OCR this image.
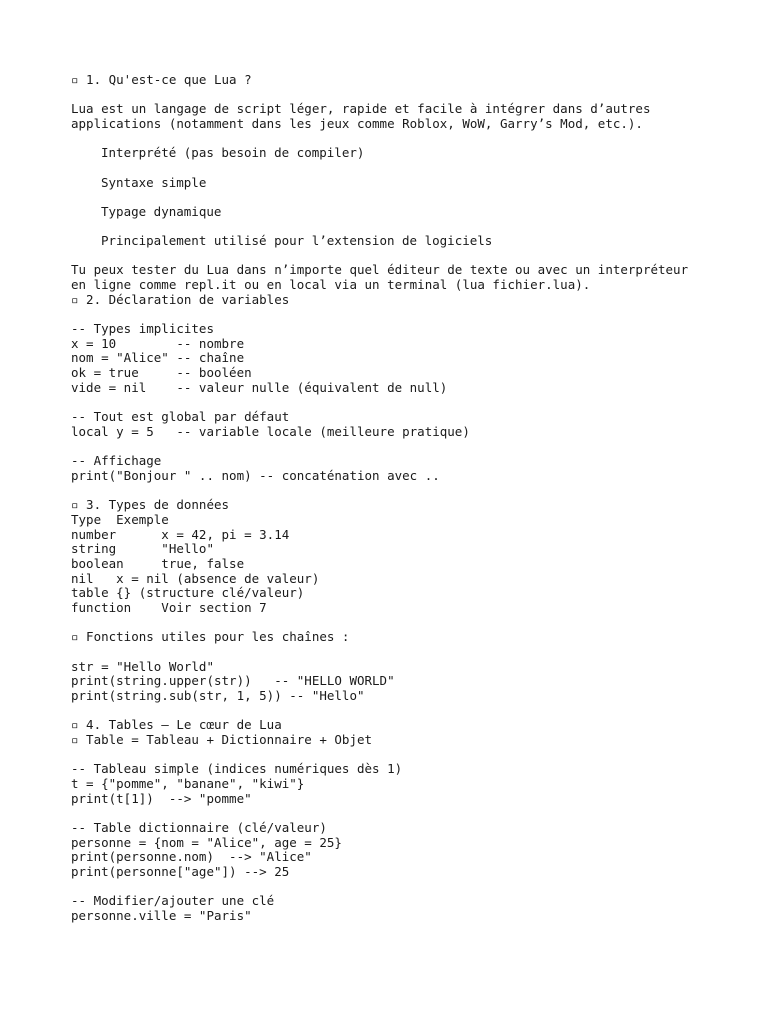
▫ 1. Qu'est-ce que Lua ?
Lua est un langage de script léger, rapide et facile à intégrer dans d’autres
applications (notamment dans les jeux comme Roblox, WoW, Garry’s Mod, etc.).
Interprété (pas besoin de compiler)
Syntaxe simple
Typage dynamique
Principalement utilisé pour l’extension de logiciels
Tu peux tester du Lua dans n’importe quel éditeur de texte ou avec un interpréteur
en ligne comme repl.it ou en local via un terminal (lua fichier.lua).
▫ 2. Déclaration de variables
-- Types implicites
x = 10        -- nombre
nom = "Alice" -- chaîne
ok = true     -- booléen
vide = nil    -- valeur nulle (équivalent de null)
-- Tout est global par défaut
local y = 5   -- variable locale (meilleure pratique)
-- Affichage
print("Bonjour " .. nom) -- concaténation avec ..
▫ 3. Types de données
Type  Exemple
number      x = 42, pi = 3.14
string      "Hello"
boolean     true, false
nil   x = nil (absence de valeur)
table {} (structure clé/valeur)
function    Voir section 7
▫ Fonctions utiles pour les chaînes :
str = "Hello World"
print(string.upper(str))   -- "HELLO WORLD"
print(string.sub(str, 1, 5)) -- "Hello"
▫ 4. Tables — Le cœur de Lua
▫ Table = Tableau + Dictionnaire + Objet
-- Tableau simple (indices numériques dès 1)
t = {"pomme", "banane", "kiwi"}
print(t[1])  --> "pomme"
-- Table dictionnaire (clé/valeur)
personne = {nom = "Alice", age = 25}
print(personne.nom)  --> "Alice"
print(personne["age"]) --> 25
-- Modifier/ajouter une clé
personne.ville = "Paris"
